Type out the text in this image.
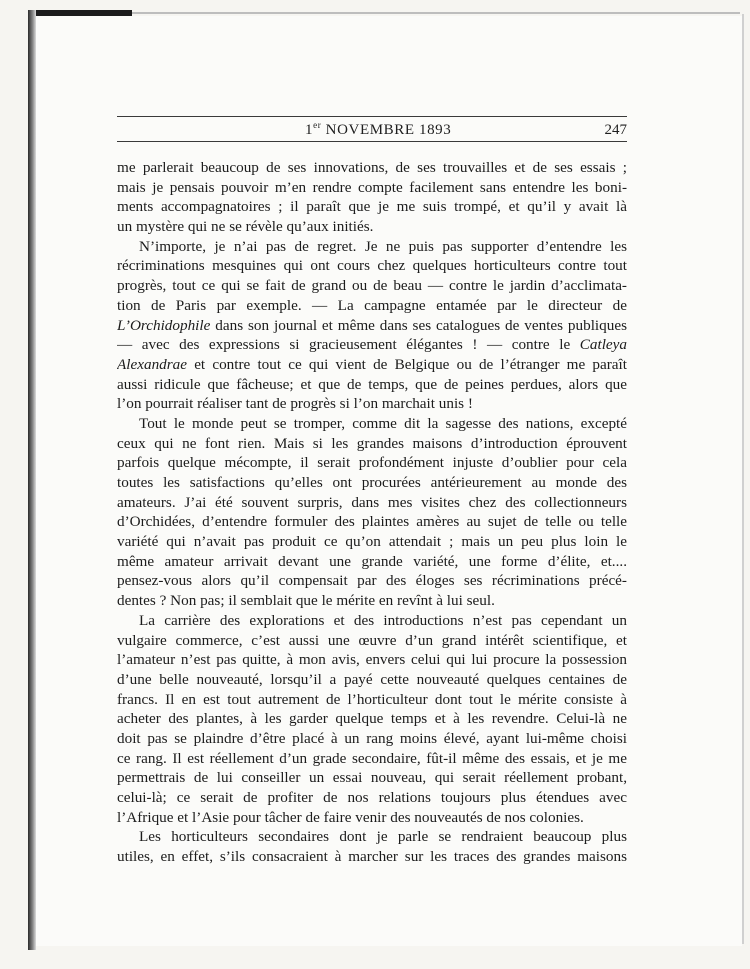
1er NOVEMBRE 1893	247
me parlerait beaucoup de ses innovations, de ses trouvailles et de ses essais ;
mais je pensais pouvoir m’en rendre compte facilement sans entendre les boni-
ments accompagnatoires ; il paraît que je me suis trompé, et qu’il y avait là
un mystère qui ne se révèle qu’aux initiés.
N’importe, je n’ai pas de regret. Je ne puis pas supporter d’entendre les
récriminations mesquines qui ont cours chez quelques horticulteurs contre tout
progrès, tout ce qui se fait de grand ou de beau — contre le jardin d’acclimata-
tion de Paris par exemple. — La campagne entamée par le directeur de
L’Orchidophile dans son journal et même dans ses catalogues de ventes publiques
— avec des expressions si gracieusement élégantes ! — contre le Catleya
Alexandrae et contre tout ce qui vient de Belgique ou de l’étranger me paraît
aussi ridicule que fâcheuse; et que de temps, que de peines perdues, alors que
l’on pourrait réaliser tant de progrès si l’on marchait unis !
Tout le monde peut se tromper, comme dit la sagesse des nations, excepté
ceux qui ne font rien. Mais si les grandes maisons d’introduction éprouvent
parfois quelque mécompte, il serait profondément injuste d’oublier pour cela
toutes les satisfactions qu’elles ont procurées antérieurement au monde des
amateurs. J’ai été souvent surpris, dans mes visites chez des collectionneurs
d’Orchidées, d’entendre formuler des plaintes amères au sujet de telle ou telle
variété qui n’avait pas produit ce qu’on attendait ; mais un peu plus loin le
même amateur arrivait devant une grande variété, une forme d’élite, et....
pensez-vous alors qu’il compensait par des éloges ses récriminations précé-
dentes ? Non pas; il semblait que le mérite en revînt à lui seul.
La carrière des explorations et des introductions n’est pas cependant un
vulgaire commerce, c’est aussi une œuvre d’un grand intérêt scientifique, et
l’amateur n’est pas quitte, à mon avis, envers celui qui lui procure la possession
d’une belle nouveauté, lorsqu’il a payé cette nouveauté quelques centaines de
francs. Il en est tout autrement de l’horticulteur dont tout le mérite consiste à
acheter des plantes, à les garder quelque temps et à les revendre. Celui-là ne
doit pas se plaindre d’être placé à un rang moins élevé, ayant lui-même choisi
ce rang. Il est réellement d’un grade secondaire, fût-il même des essais, et je me
permettrais de lui conseiller un essai nouveau, qui serait réellement probant,
celui-là; ce serait de profiter de nos relations toujours plus étendues avec
l’Afrique et l’Asie pour tâcher de faire venir des nouveautés de nos colonies.
Les horticulteurs secondaires dont je parle se rendraient beaucoup plus
utiles, en effet, s’ils consacraient à marcher sur les traces des grandes maisons
